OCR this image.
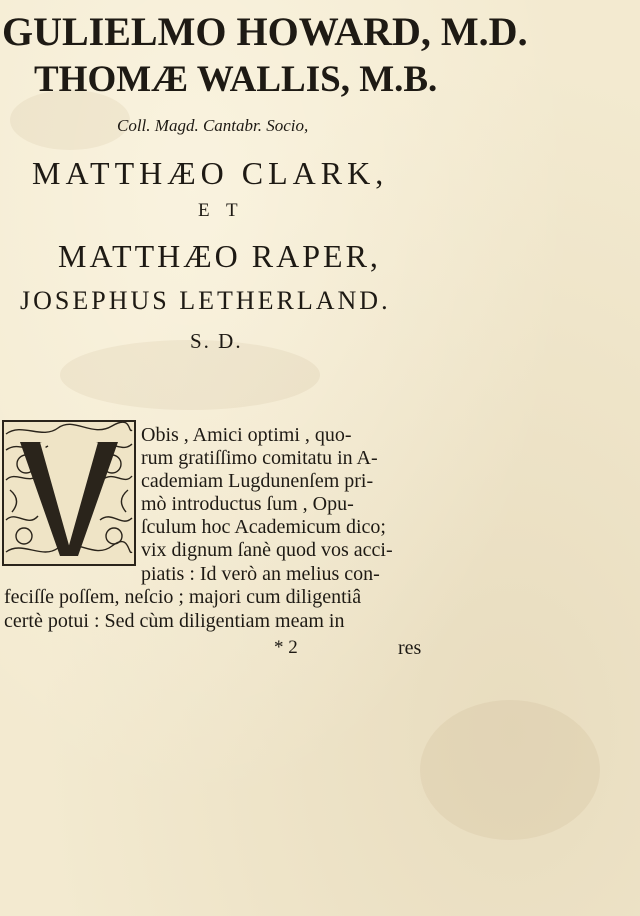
GULIELMO HOWARD, M.D.
THOMÆ WALLIS, M.B.
Coll. Magd. Cantabr. Socio,
MATTHÆO CLARK,
E T
MATTHÆO RAPER,
JOSEPHUS LETHERLAND.
S. D.
Obis , Amici optimi , quo-
rum gratiſſimo comitatu in A-
cademiam Lugdunenſem pri-
mò introductus ſum , Opu-
ſculum hoc Academicum dico;
vix dignum ſanè quod vos acci-
piatis : Id verò an melius con-
feciſſe poſſem, neſcio ; majori cum diligentiâ
certè potui : Sed cùm diligentiam meam in
* 2	res
